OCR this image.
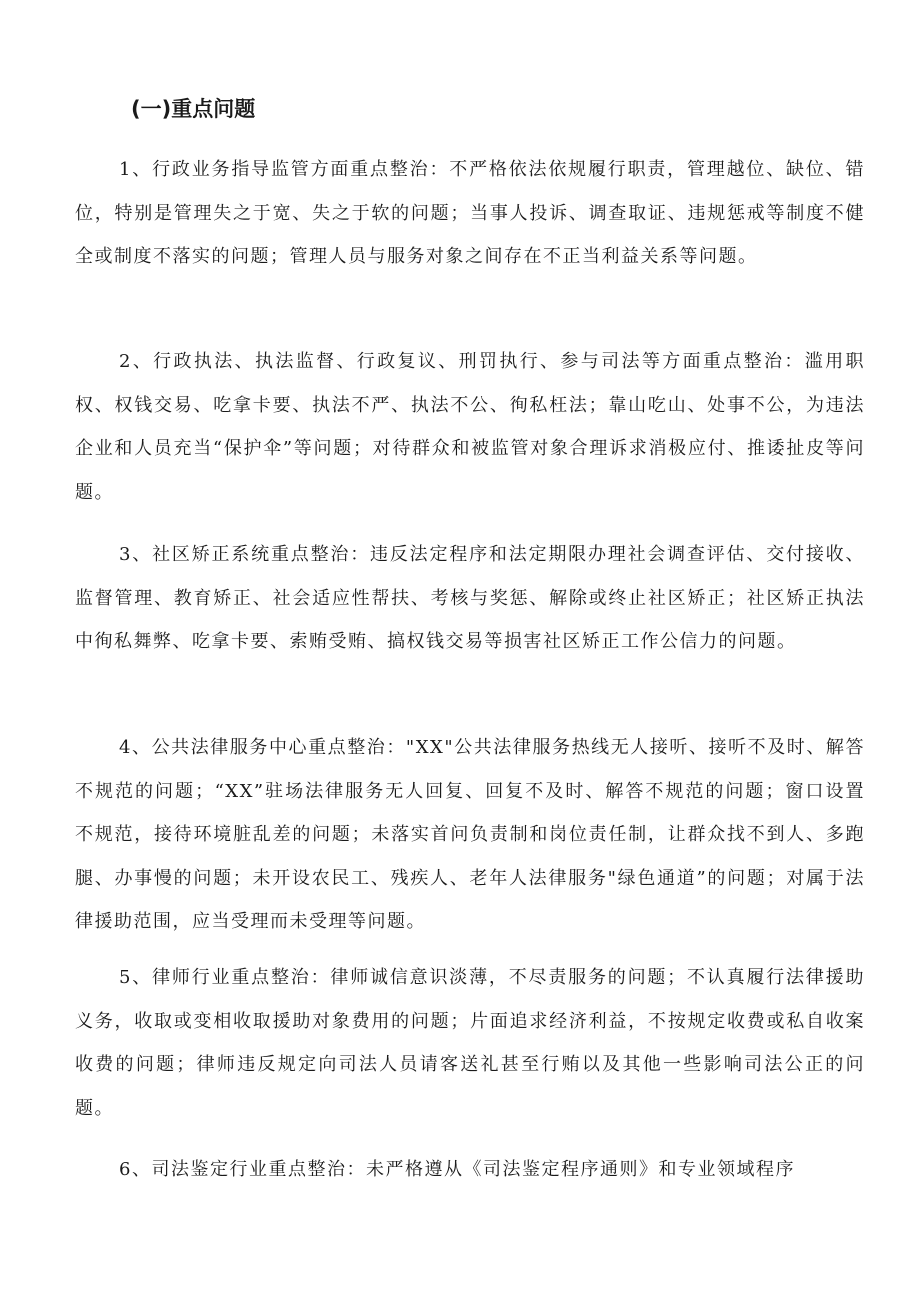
(一)重点问题

1、行政业务指导监管方面重点整治：不严格依法依规履行职责，管理越位、缺位、错位，特别是管理失之于宽、失之于软的问题；当事人投诉、调查取证、违规惩戒等制度不健全或制度不落实的问题；管理人员与服务对象之间存在不正当利益关系等问题。

2、行政执法、执法监督、行政复议、刑罚执行、参与司法等方面重点整治：滥用职权、权钱交易、吃拿卡要、执法不严、执法不公、徇私枉法；靠山吃山、处事不公，为违法企业和人员充当“保护伞”等问题；对待群众和被监管对象合理诉求消极应付、推诿扯皮等问题。

3、社区矫正系统重点整治：违反法定程序和法定期限办理社会调查评估、交付接收、监督管理、教育矫正、社会适应性帮扶、考核与奖惩、解除或终止社区矫正；社区矫正执法中徇私舞弊、吃拿卡要、索贿受贿、搞权钱交易等损害社区矫正工作公信力的问题。

4、公共法律服务中心重点整治："XX"公共法律服务热线无人接听、接听不及时、解答不规范的问题；“XX”驻场法律服务无人回复、回复不及时、解答不规范的问题；窗口设置不规范，接待环境脏乱差的问题；未落实首问负责制和岗位责任制，让群众找不到人、多跑腿、办事慢的问题；未开设农民工、残疾人、老年人法律服务"绿色通道”的问题；对属于法律援助范围，应当受理而未受理等问题。

5、律师行业重点整治：律师诚信意识淡薄，不尽责服务的问题；不认真履行法律援助义务，收取或变相收取援助对象费用的问题；片面追求经济利益，不按规定收费或私自收案收费的问题；律师违反规定向司法人员请客送礼甚至行贿以及其他一些影响司法公正的问题。

6、司法鉴定行业重点整治：未严格遵从《司法鉴定程序通则》和专业领域程序
